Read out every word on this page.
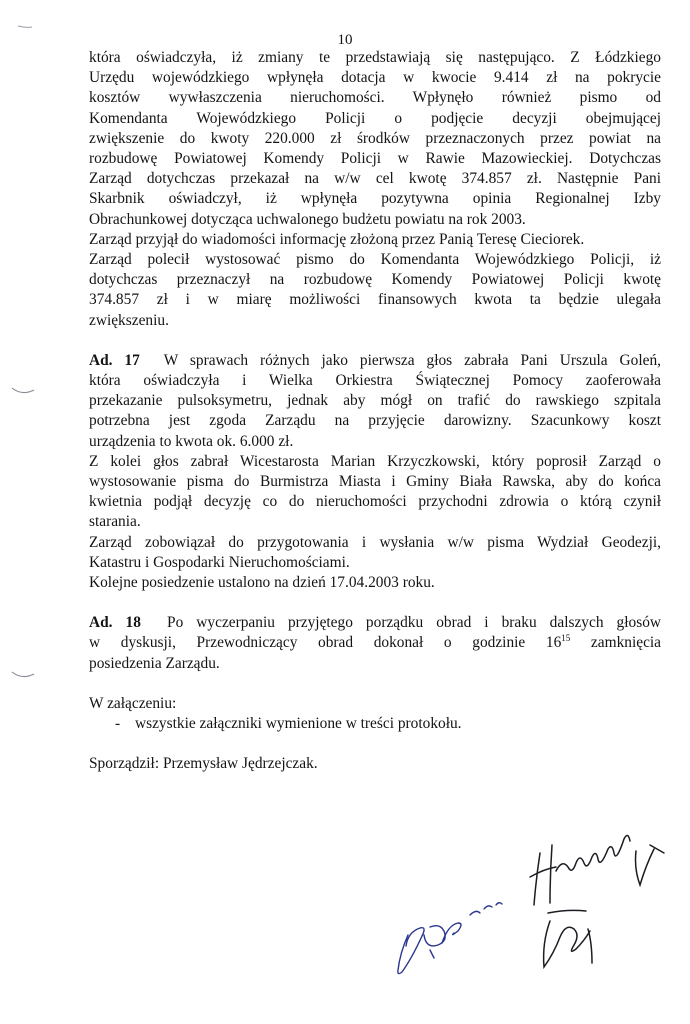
10

która oświadczyła, iż zmiany te przedstawiają się następująco. Z Łódzkiego
Urzędu wojewódzkiego wpłynęła dotacja w kwocie 9.414 zł na pokrycie
kosztów wywłaszczenia nieruchomości. Wpłynęło również pismo od
Komendanta Wojewódzkiego Policji o podjęcie decyzji obejmującej
zwiększenie do kwoty 220.000 zł środków przeznaczonych przez powiat na
rozbudowę Powiatowej Komendy Policji w Rawie Mazowieckiej. Dotychczas
Zarząd dotychczas przekazał na w/w cel kwotę 374.857 zł. Następnie Pani
Skarbnik oświadczył, iż wpłynęła pozytywna opinia Regionalnej Izby
Obrachunkowej dotycząca uchwalonego budżetu powiatu na rok 2003.

Zarząd przyjął do wiadomości informację złożoną przez Panią Teresę Cieciorek.

Zarząd polecił wystosować pismo do Komendanta Wojewódzkiego Policji, iż
dotychczas przeznaczył na rozbudowę Komendy Powiatowej Policji kwotę
374.857 zł i w miarę możliwości finansowych kwota ta będzie ulegała
zwiększeniu.

Ad. 17 W sprawach różnych jako pierwsza głos zabrała Pani Urszula Goleń,
która oświadczyła i Wielka Orkiestra Świątecznej Pomocy zaoferowała
przekazanie pulsoksymetru, jednak aby mógł on trafić do rawskiego szpitala
potrzebna jest zgoda Zarządu na przyjęcie darowizny. Szacunkowy koszt
urządzenia to kwota ok. 6.000 zł.

Z kolei głos zabrał Wicestarosta Marian Krzyczkowski, który poprosił Zarząd o
wystosowanie pisma do Burmistrza Miasta i Gminy Biała Rawska, aby do końca
kwietnia podjął decyzję co do nieruchomości przychodni zdrowia o którą czynił
starania.

Zarząd zobowiązał do przygotowania i wysłania w/w pisma Wydział Geodezji,
Katastru i Gospodarki Nieruchomościami.

Kolejne posiedzenie ustalono na dzień 17.04.2003 roku.

Ad. 18 Po wyczerpaniu przyjętego porządku obrad i braku dalszych głosów
w dyskusji, Przewodniczący obrad dokonał o godzinie $16^{15}$ zamknięcia
posiedzenia Zarządu.

W załączeniu:
- wszystkie załączniki wymienione w treści protokołu.
Sporządził: Przemysław Jędrzejczak.
